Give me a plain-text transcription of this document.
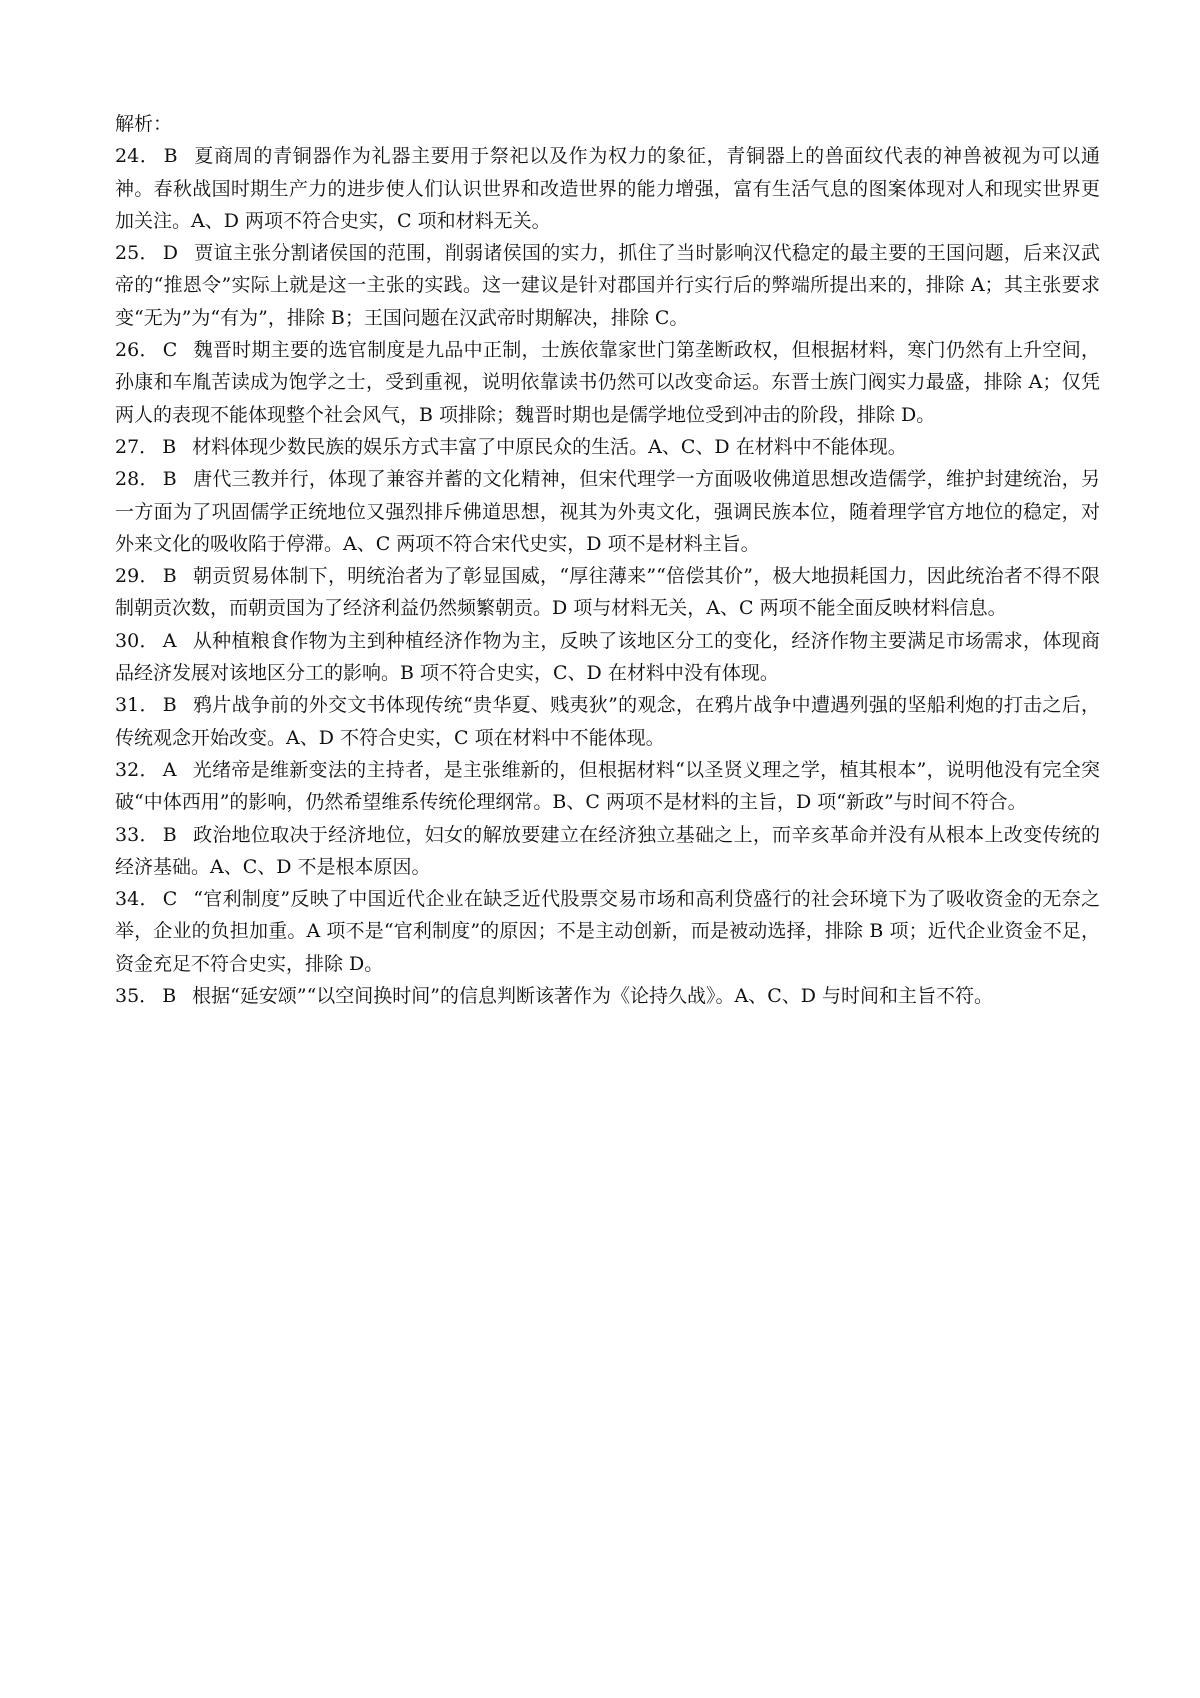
解析：

24． B 夏商周的青铜器作为礼器主要用于祭祀以及作为权力的象征，青铜器上的兽面纹代表的神兽被视为可以通神。春秋战国时期生产力的进步使人们认识世界和改造世界的能力增强，富有生活气息的图案体现对人和现实世界更加关注。A、D 两项不符合史实，C 项和材料无关。

25． D 贾谊主张分割诸侯国的范围，削弱诸侯国的实力，抓住了当时影响汉代稳定的最主要的王国问题，后来汉武帝的“推恩令”实际上就是这一主张的实践。这一建议是针对郡国并行实行后的弊端所提出来的，排除 A；其主张要求变“无为”为“有为”，排除 B；王国问题在汉武帝时期解决，排除 C。

26． C 魏晋时期主要的选官制度是九品中正制，士族依靠家世门第垄断政权，但根据材料，寒门仍然有上升空间，孙康和车胤苦读成为饱学之士，受到重视，说明依靠读书仍然可以改变命运。东晋士族门阀实力最盛，排除 A；仅凭两人的表现不能体现整个社会风气，B 项排除；魏晋时期也是儒学地位受到冲击的阶段，排除 D。

27． B 材料体现少数民族的娱乐方式丰富了中原民众的生活。A、C、D 在材料中不能体现。

28． B 唐代三教并行，体现了兼容并蓄的文化精神，但宋代理学一方面吸收佛道思想改造儒学，维护封建统治，另一方面为了巩固儒学正统地位又强烈排斥佛道思想，视其为外夷文化，强调民族本位，随着理学官方地位的稳定，对外来文化的吸收陷于停滞。A、C 两项不符合宋代史实，D 项不是材料主旨。

29． B 朝贡贸易体制下，明统治者为了彰显国威，“厚往薄来”“倍偿其价”，极大地损耗国力，因此统治者不得不限制朝贡次数，而朝贡国为了经济利益仍然频繁朝贡。D 项与材料无关，A、C 两项不能全面反映材料信息。

30． A 从种植粮食作物为主到种植经济作物为主，反映了该地区分工的变化，经济作物主要满足市场需求，体现商品经济发展对该地区分工的影响。B 项不符合史实，C、D 在材料中没有体现。

31． B 鸦片战争前的外交文书体现传统“贵华夏、贱夷狄”的观念，在鸦片战争中遭遇列强的坚船利炮的打击之后，传统观念开始改变。A、D 不符合史实，C 项在材料中不能体现。

32． A 光绪帝是维新变法的主持者，是主张维新的，但根据材料“以圣贤义理之学，植其根本”，说明他没有完全突破“中体西用”的影响，仍然希望维系传统伦理纲常。B、C 两项不是材料的主旨，D 项“新政”与时间不符合。

33． B 政治地位取决于经济地位，妇女的解放要建立在经济独立基础之上，而辛亥革命并没有从根本上改变传统的经济基础。A、C、D 不是根本原因。

34． C “官利制度”反映了中国近代企业在缺乏近代股票交易市场和高利贷盛行的社会环境下为了吸收资金的无奈之举，企业的负担加重。A 项不是“官利制度”的原因；不是主动创新，而是被动选择，排除 B 项；近代企业资金不足，资金充足不符合史实，排除 D。

35． B 根据“延安颂”“以空间换时间”的信息判断该著作为《论持久战》。A、C、D 与时间和主旨不符。
